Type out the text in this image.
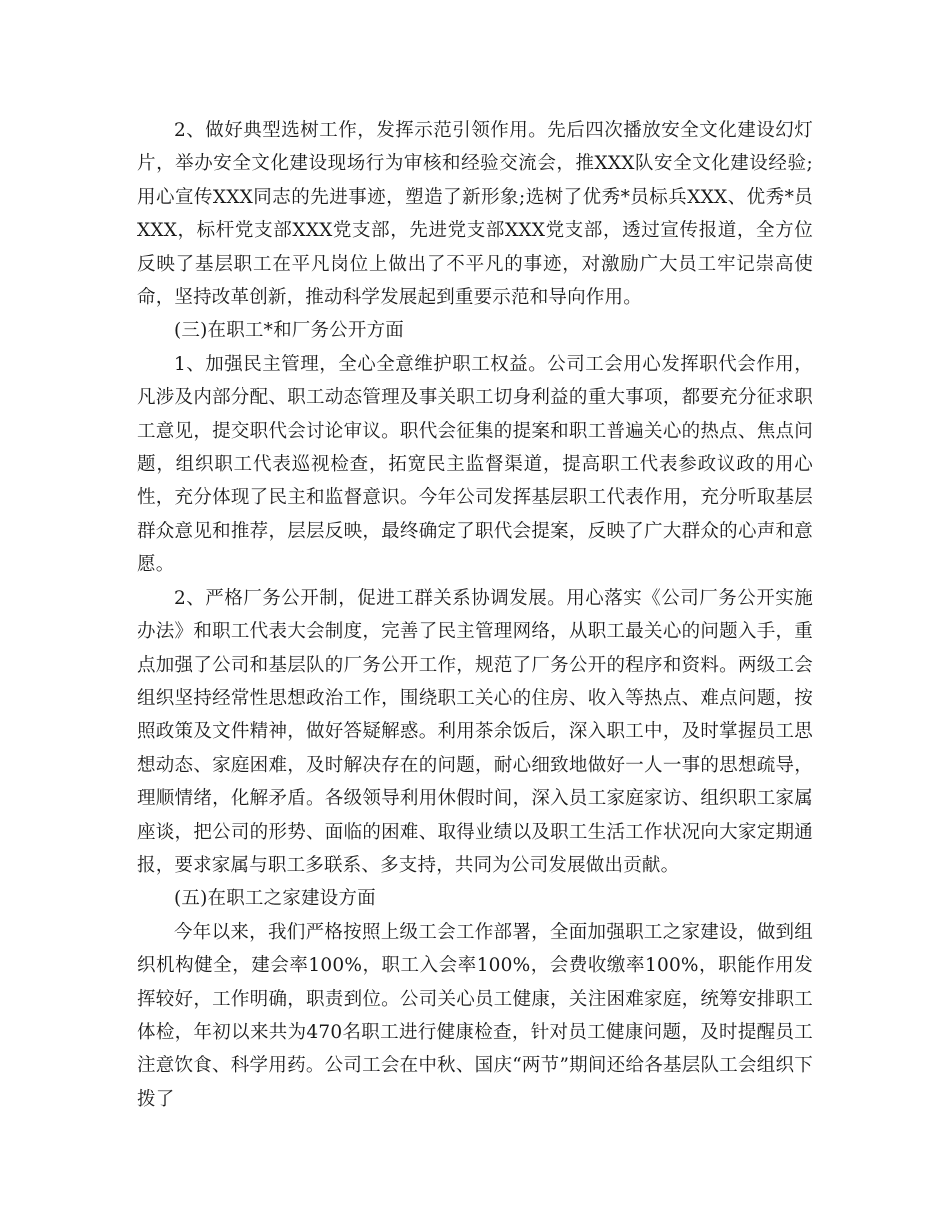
2、做好典型选树工作，发挥示范引领作用。先后四次播放安全文化建设幻灯片，举办安全文化建设现场行为审核和经验交流会，推XXX队安全文化建设经验;用心宣传XXX同志的先进事迹，塑造了新形象;选树了优秀*员标兵XXX、优秀*员XXX，标杆党支部XXX党支部，先进党支部XXX党支部，透过宣传报道，全方位反映了基层职工在平凡岗位上做出了不平凡的事迹，对激励广大员工牢记崇高使命，坚持改革创新，推动科学发展起到重要示范和导向作用。

(三)在职工*和厂务公开方面

1、加强民主管理，全心全意维护职工权益。公司工会用心发挥职代会作用，凡涉及内部分配、职工动态管理及事关职工切身利益的重大事项，都要充分征求职工意见，提交职代会讨论审议。职代会征集的提案和职工普遍关心的热点、焦点问题，组织职工代表巡视检查，拓宽民主监督渠道，提高职工代表参政议政的用心性，充分体现了民主和监督意识。今年公司发挥基层职工代表作用，充分听取基层群众意见和推荐，层层反映，最终确定了职代会提案，反映了广大群众的心声和意愿。

2、严格厂务公开制，促进工群关系协调发展。用心落实《公司厂务公开实施办法》和职工代表大会制度，完善了民主管理网络，从职工最关心的问题入手，重点加强了公司和基层队的厂务公开工作，规范了厂务公开的程序和资料。两级工会组织坚持经常性思想政治工作，围绕职工关心的住房、收入等热点、难点问题，按照政策及文件精神，做好答疑解惑。利用茶余饭后，深入职工中，及时掌握员工思想动态、家庭困难，及时解决存在的问题，耐心细致地做好一人一事的思想疏导，理顺情绪，化解矛盾。各级领导利用休假时间，深入员工家庭家访、组织职工家属座谈，把公司的形势、面临的困难、取得业绩以及职工生活工作状况向大家定期通报，要求家属与职工多联系、多支持，共同为公司发展做出贡献。

(五)在职工之家建设方面

今年以来，我们严格按照上级工会工作部署，全面加强职工之家建设，做到组织机构健全，建会率100%，职工入会率100%，会费收缴率100%，职能作用发挥较好，工作明确，职责到位。公司关心员工健康，关注困难家庭，统筹安排职工体检，年初以来共为470名职工进行健康检查，针对员工健康问题，及时提醒员工注意饮食、科学用药。公司工会在中秋、国庆“两节”期间还给各基层队工会组织下拨了
